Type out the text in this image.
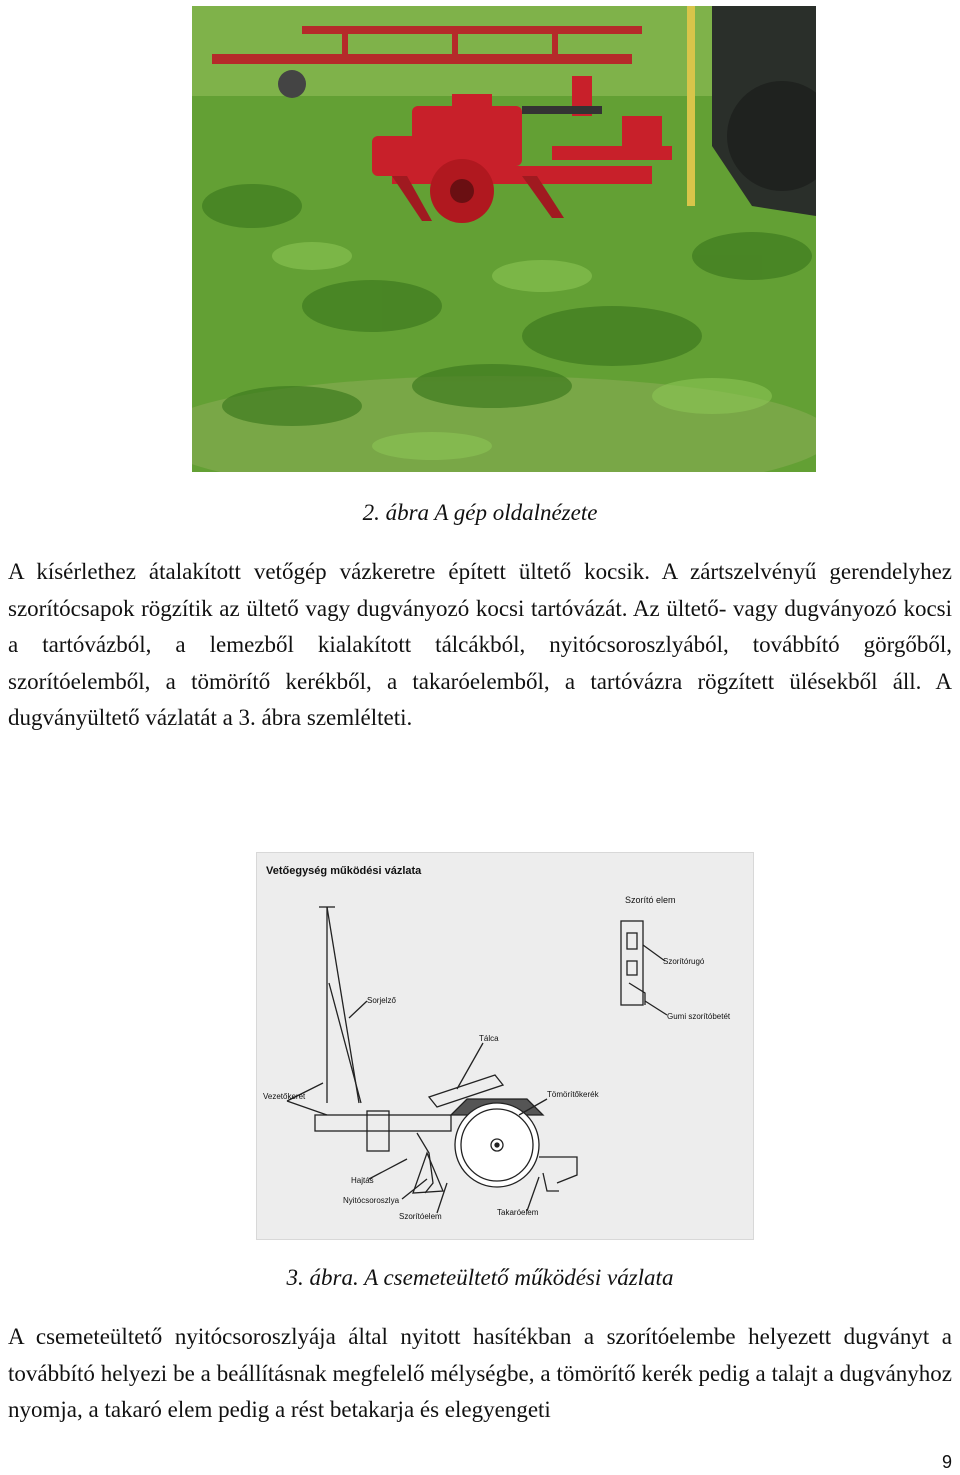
2. ábra A gép oldalnézete

A kísérlethez átalakított vetőgép vázkeretre épített ültető kocsik. A zártszelvényű gerendelyhez szorítócsapok rögzítik az ültető vagy dugványozó kocsi tartóvázát. Az ültető- vagy dugványozó kocsi a tartóvázból, a lemezből kialakított tálcákból, nyitócsoroszlyából, továbbító görgőből, szorítóelemből, a tömörítő kerékből, a takaróelemből, a tartóvázra rögzített ülésekből áll. A dugványültető vázlatát a 3. ábra szemlélteti.

Vetőegység működési vázlata
Szorító elem
Szorítórugó
Gumi szorítóbetét
Sorjelző
Tálca
Vezetőkeret	Tömörítőkerék
Hajtás
Nyitócsoroszlya
Szorítóelem	Takaróelem
3. ábra. A csemeteültető működési vázlata

A csemeteültető nyitócsoroszlyája által nyitott hasítékban a szorítóelembe helyezett dugványt a továbbító helyezi be a beállításnak megfelelő mélységbe, a tömörítő kerék pedig a talajt a dugványhoz nyomja, a takaró elem pedig a rést betakarja és elegyengeti

9
